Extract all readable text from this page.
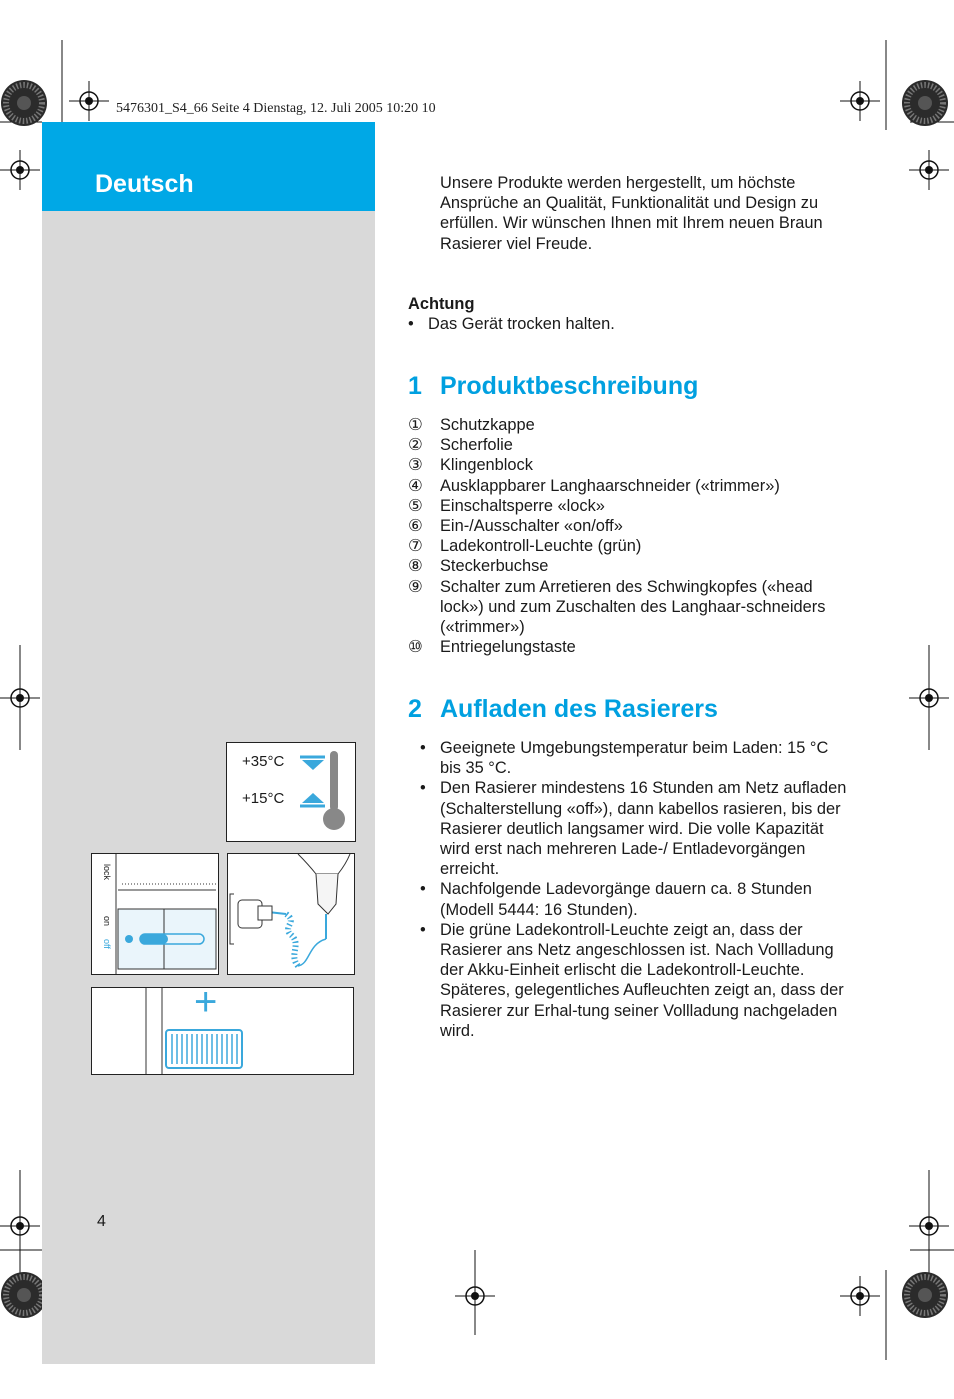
5476301_S4_66 Seite 4 Dienstag, 12. Juli 2005 10:20 10
Deutsch
4
+35°C
+15°C
lock
on
off
+
Unsere Produkte werden hergestellt, um höchste Ansprüche an Qualität, Funktionalität und Design zu erfüllen. Wir wünschen Ihnen mit Ihrem neuen Braun Rasierer viel Freude.
Achtung
• Das Gerät trocken halten.
1 Produktbeschreibung
①	Schutzkappe
②	Scherfolie
③	Klingenblock
④	Ausklappbarer Langhaarschneider («trimmer»)
⑤	Einschaltsperre «lock»
⑥	Ein-/Ausschalter «on/off»
⑦	Ladekontroll-Leuchte (grün)
⑧	Steckerbuchse
⑨	Schalter zum Arretieren des Schwingkopfes («head lock») und zum Zuschalten des Langhaar-schneiders («trimmer»)
⑩	Entriegelungstaste
2 Aufladen des Rasierers
• Geeignete Umgebungstemperatur beim Laden: 15 °C bis 35 °C.
• Den Rasierer mindestens 16 Stunden am Netz aufladen (Schalterstellung «off»), dann kabellos rasieren, bis der Rasierer deutlich langsamer wird. Die volle Kapazität wird erst nach mehreren Lade-/ Entladevorgängen erreicht.
• Nachfolgende Ladevorgänge dauern ca. 8 Stunden (Modell 5444: 16 Stunden).
• Die grüne Ladekontroll-Leuchte zeigt an, dass der Rasierer ans Netz angeschlossen ist. Nach Vollladung der Akku-Einheit erlischt die Ladekontroll-Leuchte. Späteres, gelegentliches Aufleuchten zeigt an, dass der Rasierer zur Erhal-tung seiner Vollladung nachgeladen wird.
